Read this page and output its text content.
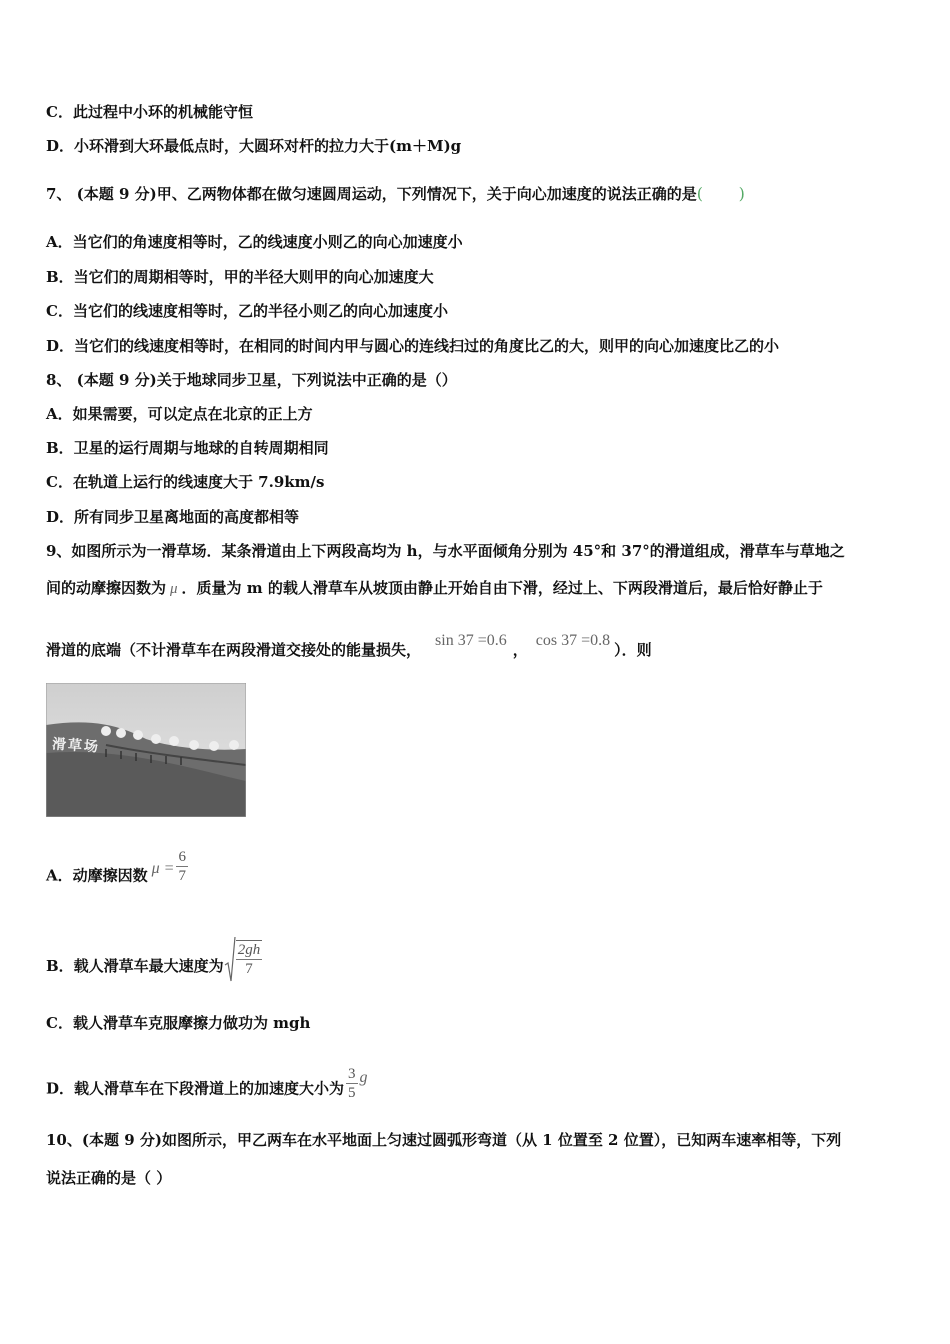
C．此过程中小环的机械能守恒
D．小环滑到大环最低点时，大圆环对杆的拉力大于(m＋M)g
7、 (本题 9 分)甲、乙两物体都在做匀速圆周运动，下列情况下，关于向心加速度的说法正确的是( )
A．当它们的角速度相等时，乙的线速度小则乙的向心加速度小
B．当它们的周期相等时，甲的半径大则甲的向心加速度大
C．当它们的线速度相等时，乙的半径小则乙的向心加速度小
D．当它们的线速度相等时，在相同的时间内甲与圆心的连线扫过的角度比乙的大，则甲的向心加速度比乙的小
8、 (本题 9 分)关于地球同步卫星，下列说法中正确的是（）
A．如果需要，可以定点在北京的正上方
B．卫星的运行周期与地球的自转周期相同
C．在轨道上运行的线速度大于 7.9km/s
D．所有同步卫星离地面的高度都相等
9、如图所示为一滑草场．某条滑道由上下两段高均为 h，与水平面倾角分别为 45°和 37°的滑道组成，滑草车与草地之
间的动摩擦因数为 μ ．质量为 m 的载人滑草车从坡顶由静止开始自由下滑，经过上、下两段滑道后，最后恰好静止于
滑道的底端（不计滑草车在两段滑道交接处的能量损失，sin 37 =0.6，cos 37 =0.8）．则
滑草场
A．动摩擦因数 $\mu = \frac{6}{7}$
B．载人滑草车最大速度为 $\frac{2gh}{7}$
C．载人滑草车克服摩擦力做功为 mgh
D．载人滑草车在下段滑道上的加速度大小为 $\frac{3}{5}$ g
10、(本题 9 分)如图所示，甲乙两车在水平地面上匀速过圆弧形弯道（从 1 位置至 2 位置），已知两车速率相等，下列
说法正确的是（ ）
